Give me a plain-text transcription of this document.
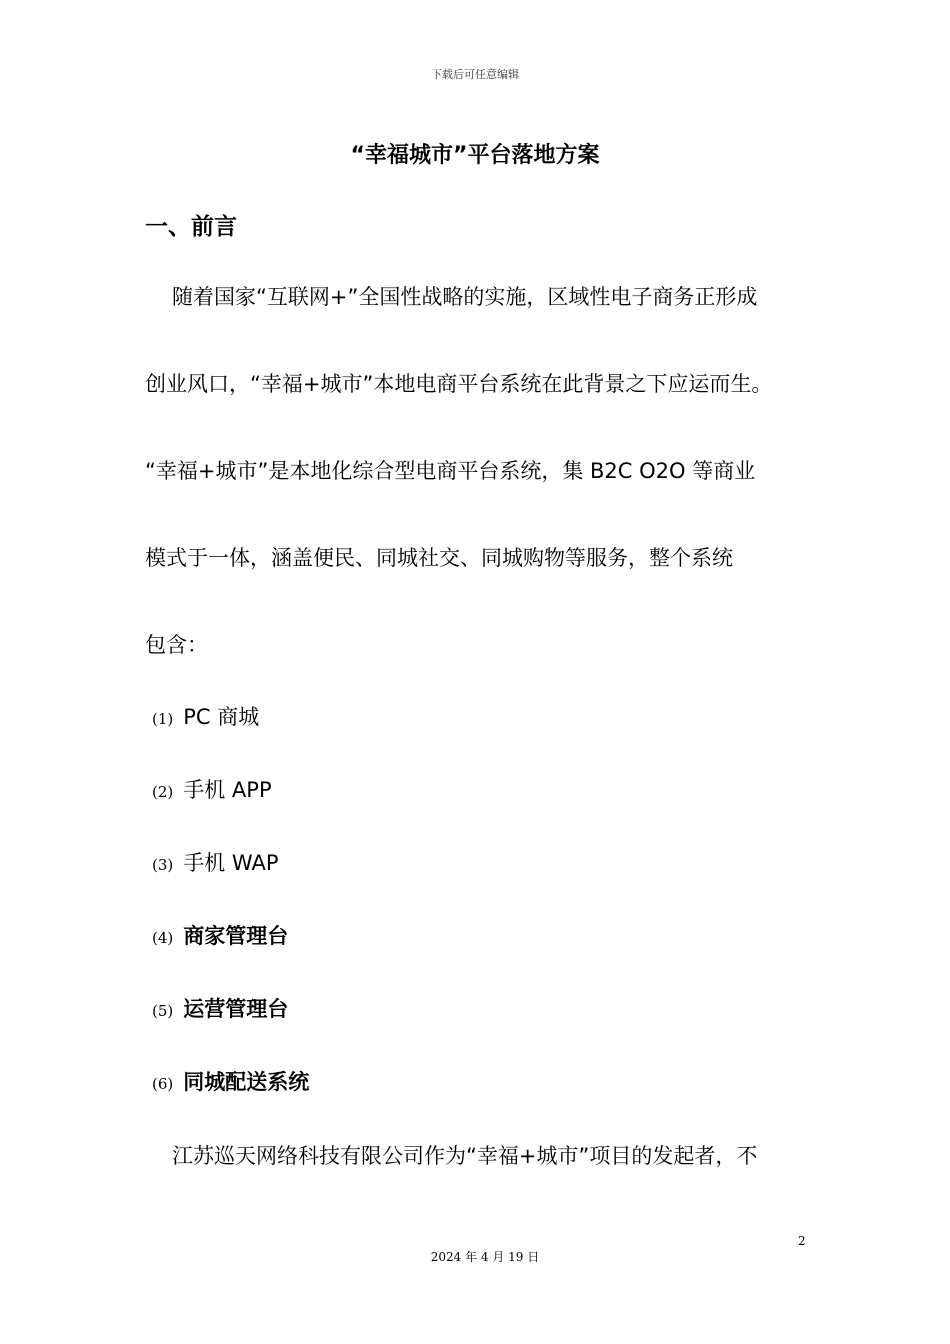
下载后可任意编辑
“幸福城市”平台落地方案
一、前言
随着国家“互联网+”全国性战略的实施，区域性电子商务正形成
创业风口，“幸福+城市”本地电商平台系统在此背景之下应运而生。
“幸福+城市”是本地化综合型电商平台系统，集 B2C O2O 等商业
模式于一体，涵盖便民、同城社交、同城购物等服务，整个系统
包含：
(1) PC 商城
(2) 手机 APP
(3) 手机 WAP
(4) 商家管理台
(5) 运营管理台
(6) 同城配送系统
江苏巡天网络科技有限公司作为“幸福+城市”项目的发起者，不
2
2024 年 4 月 19 日
